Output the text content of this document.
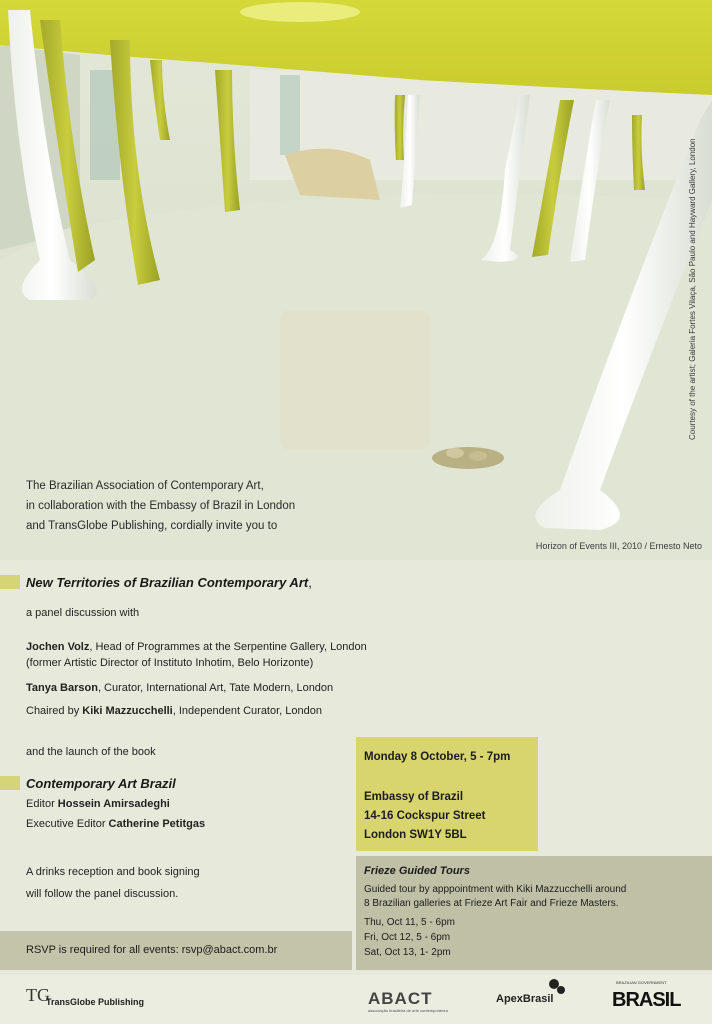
The Brazilian Association of Contemporary Art,
in collaboration with the Embassy of Brazil in London
and TransGlobe Publishing, cordially invite you to
Horizon of Events III, 2010 / Ernesto Neto
Courtesy of the artist; Galeria Fortes Vilaça, São Paulo and Hayward Gallery, London
New Territories of Brazilian Contemporary Art,
a panel discussion with
Jochen Volz, Head of Programmes at the Serpentine Gallery, London
(former Artistic Director of Instituto Inhotim, Belo Horizonte)
Tanya Barson, Curator, International Art, Tate Modern, London
Chaired by Kiki Mazzucchelli, Independent Curator, London
and the launch of the book
Contemporary Art Brazil
Editor Hossein Amirsadeghi
Executive Editor Catherine Petitgas
A drinks reception and book signing
will follow the panel discussion.
Monday 8 October, 5 - 7pm
Embassy of Brazil
14-16 Cockspur Street
London SW1Y 5BL
Frieze Guided Tours
Guided tour by apppointment with Kiki Mazzucchelli around
8 Brazilian galleries at Frieze Art Fair and Frieze Masters.
Thu, Oct 11, 5 - 6pm
Fri, Oct 12, 5 - 6pm
Sat, Oct 13, 1- 2pm
RSVP is required for all events: rsvp@abact.com.br
TG
TransGlobe Publishing	ABACT
associação brasileira de arte contemporânea
ApexBrasil
BRAZILIAN GOVERNMENT
BRASIL
